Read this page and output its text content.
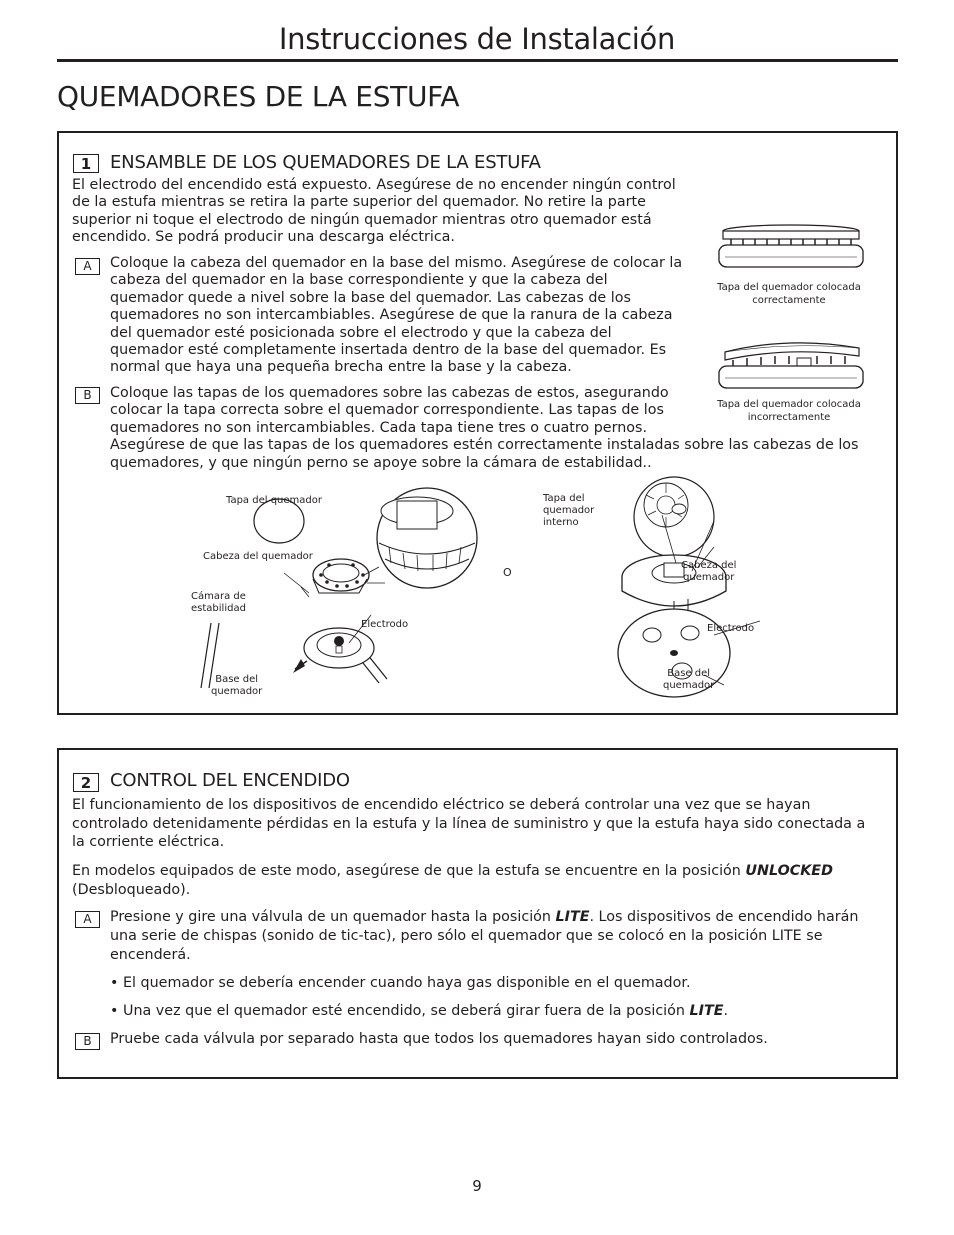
Instrucciones de Instalación
QUEMADORES DE LA ESTUFA
1	ENSAMBLE DE LOS QUEMADORES DE LA ESTUFA
El electrodo del encendido está expuesto. Asegúrese de no encender ningún control
de la estufa mientras se retira la parte superior del quemador. No retire la parte
superior ni toque el electrodo de ningún quemador mientras otro quemador está
encendido. Se podrá producir una descarga eléctrica.
A	Coloque la cabeza del quemador en la base del mismo. Asegúrese de colocar la
cabeza del quemador en la base correspondiente y que la cabeza del
quemador quede a nivel sobre la base del quemador. Las cabezas de los
quemadores no son intercambiables. Asegúrese de que la ranura de la cabeza
del quemador esté posicionada sobre el electrodo y que la cabeza del
quemador esté completamente insertada dentro de la base del quemador. Es
normal que haya una pequeña brecha entre la base y la cabeza.
B	Coloque las tapas de los quemadores sobre las cabezas de estos, asegurando
colocar la tapa correcta sobre el quemador correspondiente. Las tapas de los
quemadores no son intercambiables. Cada tapa tiene tres o cuatro pernos.
Asegúrese de que las tapas de los quemadores estén correctamente instaladas sobre las cabezas de los
quemadores, y que ningún perno se apoye sobre la cámara de estabilidad..
Tapa del quemador colocada
correctamente
Tapa del quemador colocada
incorrectamente
Tapa del quemador
Cabeza del quemador
Cámara de
estabilidad
Electrodo
Base del
quemador
O
Tapa del
quemador
interno
Cabeza del
quemador
Electrodo
Base del
quemador
2	CONTROL DEL ENCENDIDO
El funcionamiento de los dispositivos de encendido eléctrico se deberá controlar una vez que se hayan
controlado detenidamente pérdidas en la estufa y la línea de suministro y que la estufa haya sido conectada a
la corriente eléctrica.
En modelos equipados de este modo, asegúrese de que la estufa se encuentre en la posición UNLOCKED
(Desbloqueado).
A	Presione y gire una válvula de un quemador hasta la posición LITE. Los dispositivos de encendido harán
una serie de chispas (sonido de tic-tac), pero sólo el quemador que se colocó en la posición LITE se
encenderá.
• El quemador se debería encender cuando haya gas disponible en el quemador.
• Una vez que el quemador esté encendido, se deberá girar fuera de la posición LITE.
B	Pruebe cada válvula por separado hasta que todos los quemadores hayan sido controlados.
9
